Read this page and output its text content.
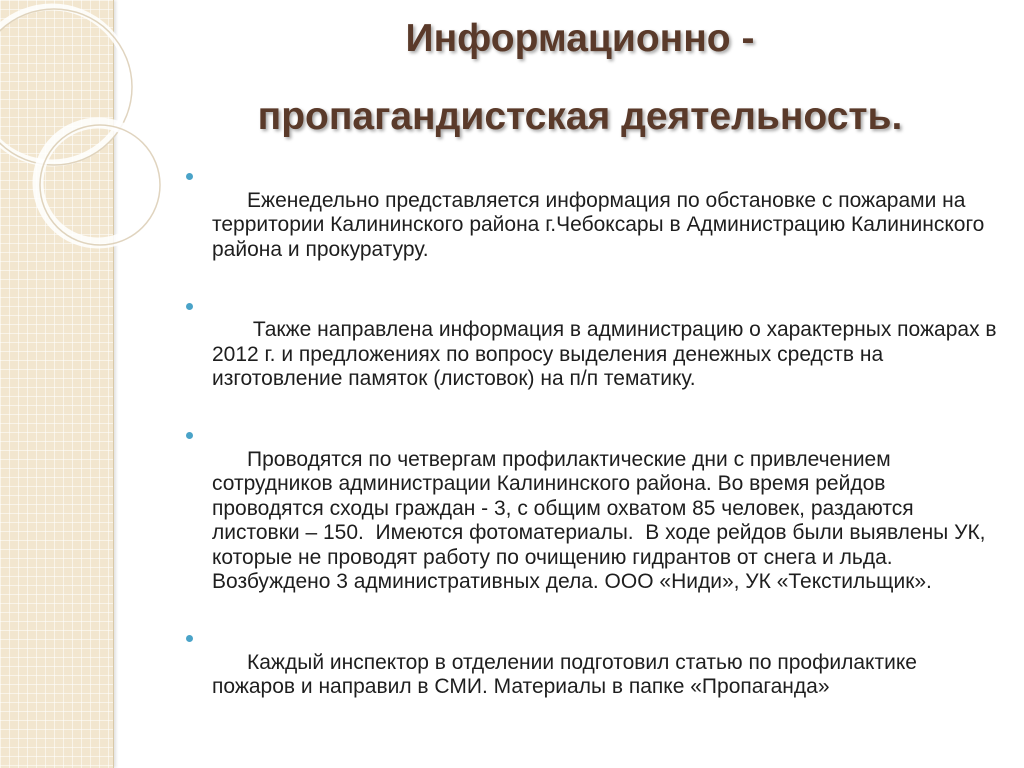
Информационно -
пропагандистская деятельность.

Еженедельно представляется информация по обстановке с пожарами на территории Калининского района г.Чебоксары в Администрацию Калининского района и прокуратуру.

Также направлена информация в администрацию о характерных пожарах в 2012 г. и предложениях по вопросу выделения денежных средств на изготовление памяток (листовок) на п/п тематику.

Проводятся по четвергам профилактические дни с привлечением сотрудников администрации Калининского района. Во время рейдов проводятся сходы граждан - 3, с общим охватом 85 человек, раздаются листовки – 150.  Имеются фотоматериалы.  В ходе рейдов были выявлены УК, которые не проводят работу по очищению гидрантов от снега и льда. Возбуждено 3 административных дела. ООО «Ниди», УК «Текстильщик».

Каждый инспектор в отделении подготовил статью по профилактике пожаров и направил в СМИ. Материалы в папке «Пропаганда»
